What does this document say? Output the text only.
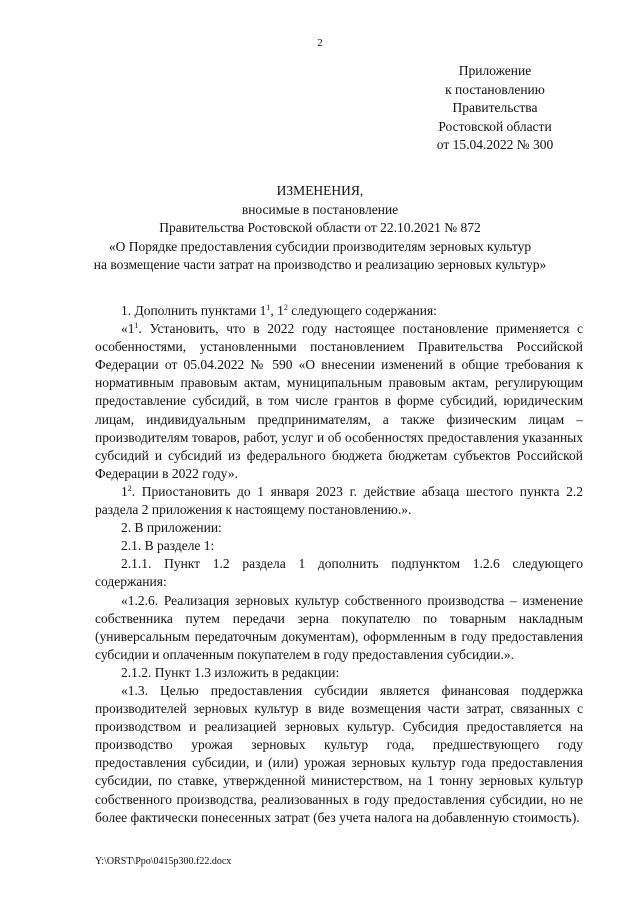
2
Приложение
к постановлению
Правительства
Ростовской области
от 15.04.2022 № 300
ИЗМЕНЕНИЯ,
вносимые в постановление
Правительства Ростовской области от 22.10.2021 № 872
«О Порядке предоставления субсидии производителям зерновых культур
на возмещение части затрат на производство и реализацию зерновых культур»

1. Дополнить пунктами $1^1$, $1^2$ следующего содержания:

«$1^1$. Установить, что в 2022 году настоящее постановление применяется с особенностями, установленными постановлением Правительства Российской Федерации от 05.04.2022 № 590 «О внесении изменений в общие требования к нормативным правовым актам, муниципальным правовым актам, регулирующим предоставление субсидий, в том числе грантов в форме субсидий, юридическим лицам, индивидуальным предпринимателям, а также физическим лицам – производителям товаров, работ, услуг и об особенностях предоставления указанных субсидий и субсидий из федерального бюджета бюджетам субъектов Российской Федерации в 2022 году».

$1^2$. Приостановить до 1 января 2023 г. действие абзаца шестого пункта 2.2 раздела 2 приложения к настоящему постановлению.».

2. В приложении:

2.1. В разделе 1:

2.1.1. Пункт 1.2 раздела 1 дополнить подпунктом 1.2.6 следующего содержания:

«1.2.6. Реализация зерновых культур собственного производства – изменение собственника путем передачи зерна покупателю по товарным накладным (универсальным передаточным документам), оформленным в году предоставления субсидии и оплаченным покупателем в году предоставления субсидии.».

2.1.2. Пункт 1.3 изложить в редакции:

«1.3. Целью предоставления субсидии является финансовая поддержка производителей зерновых культур в виде возмещения части затрат, связанных с производством и реализацией зерновых культур. Субсидия предоставляется на производство урожая зерновых культур года, предшествующего году предоставления субсидии, и (или) урожая зерновых культур года предоставления субсидии, по ставке, утвержденной министерством, на 1 тонну зерновых культур собственного производства, реализованных в году предоставления субсидии, но не более фактически понесенных затрат (без учета налога на добавленную стоимость).

Y:\ORST\Ppo\0415p300.f22.docx
